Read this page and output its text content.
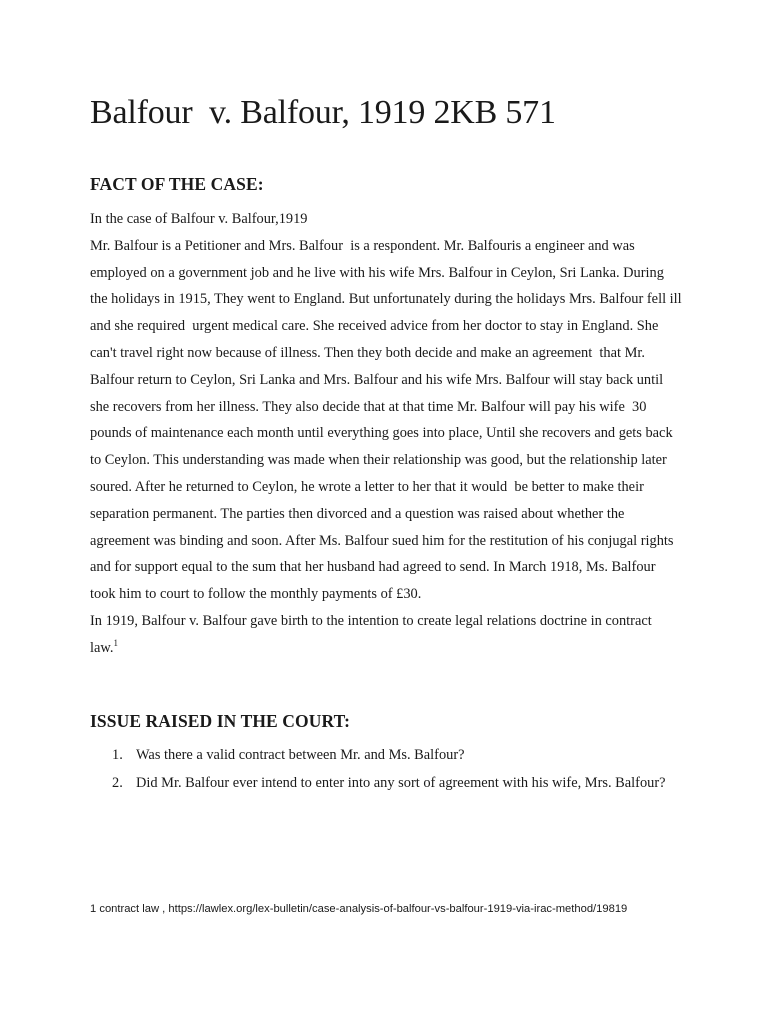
Balfour  v. Balfour, 1919 2KB 571
FACT OF THE CASE:

In the case of Balfour v. Balfour,1919

Mr. Balfour is a Petitioner and Mrs. Balfour  is a respondent. Mr. Balfouris a engineer and was employed on a government job and he live with his wife Mrs. Balfour in Ceylon, Sri Lanka. During  the holidays in 1915, They went to England. But unfortunately during the holidays Mrs. Balfour fell ill and she required  urgent medical care. She received advice from her doctor to stay in England. She can't travel right now because of illness. Then they both decide and make an agreement  that Mr.  Balfour return to Ceylon, Sri Lanka and Mrs. Balfour and his wife Mrs. Balfour will stay back until she recovers from her illness. They also decide that at that time Mr. Balfour will pay his wife  30 pounds of maintenance each month until everything goes into place, Until she recovers and gets back to Ceylon. This understanding was made when their relationship was good, but the relationship later soured. After he returned to Ceylon, he wrote a letter to her that it would  be better to make their separation permanent. The parties then divorced and a question was raised about whether the agreement was binding and soon. After Ms. Balfour sued him for the restitution of his conjugal rights and for support equal to the sum that her husband had agreed to send. In March 1918, Ms. Balfour took him to court to follow the monthly payments of £30.

In 1919, Balfour v. Balfour gave birth to the intention to create legal relations doctrine in contract law.$^1$

ISSUE RAISED IN THE COURT:
1. Was there a valid contract between Mr. and Ms. Balfour?
2. Did Mr. Balfour ever intend to enter into any sort of agreement with his wife, Mrs. Balfour?

1 contract law , https://lawlex.org/lex-bulletin/case-analysis-of-balfour-vs-balfour-1919-via-irac-method/19819
